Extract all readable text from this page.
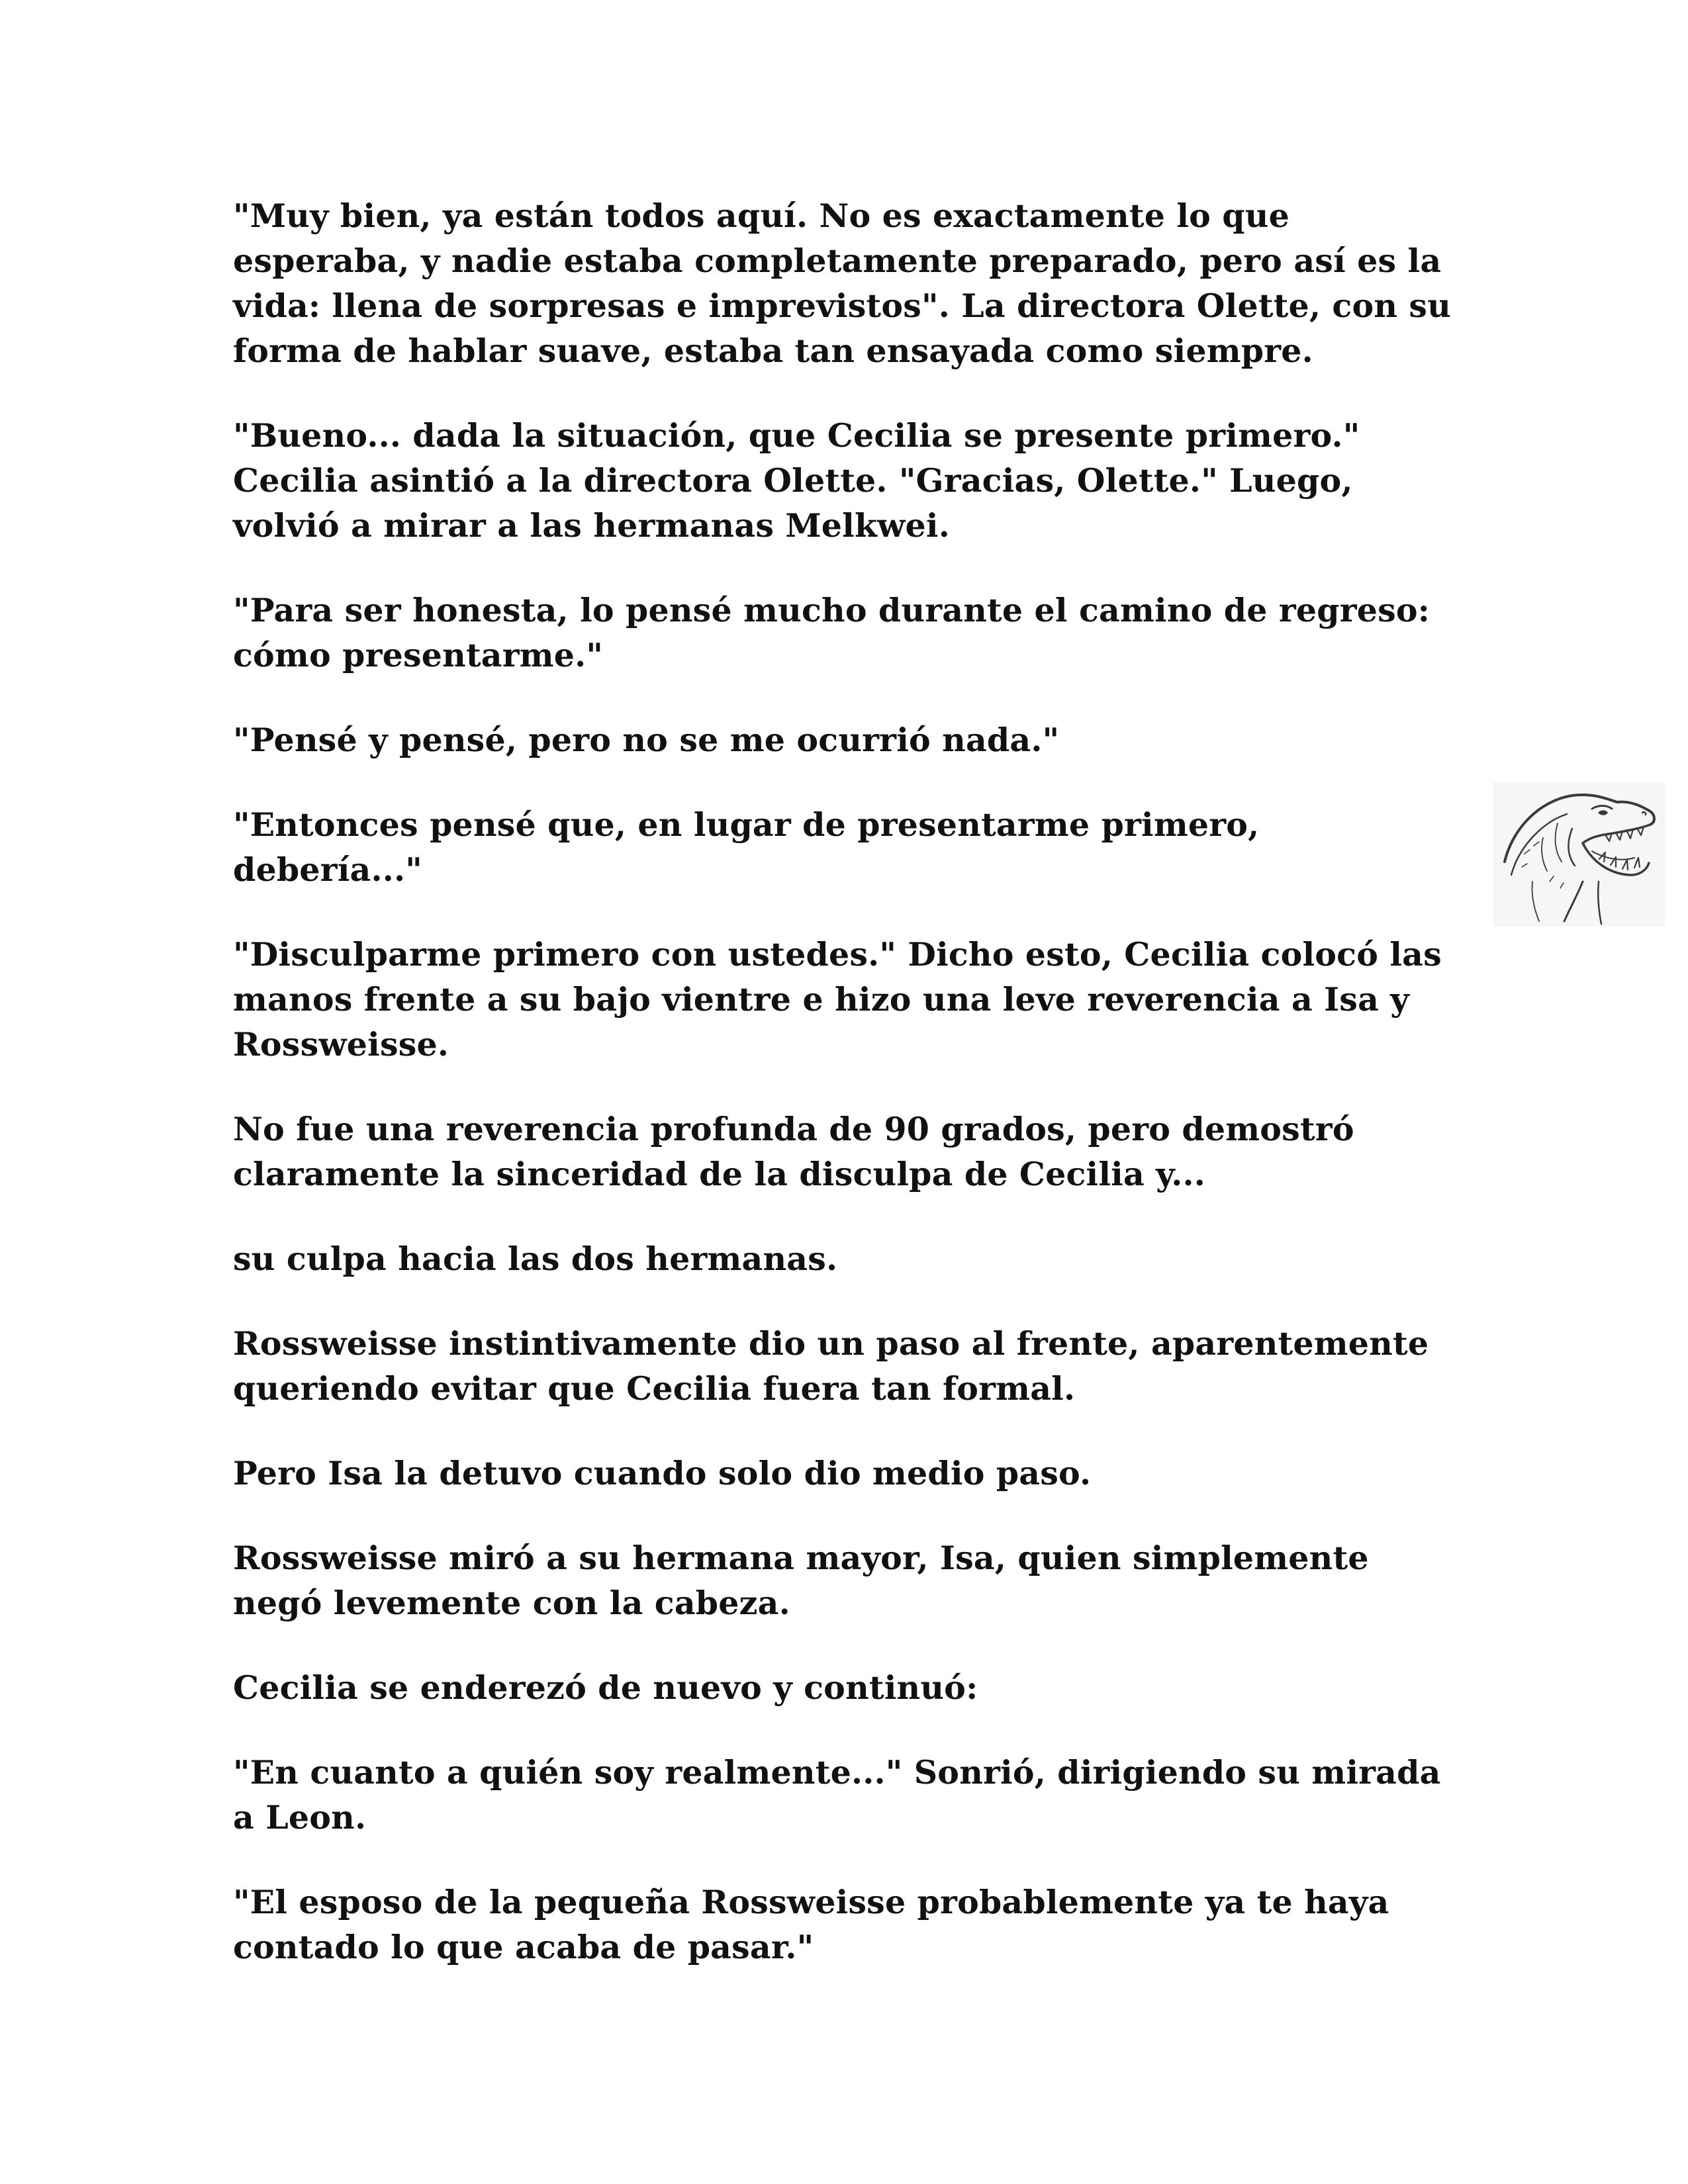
"Muy bien, ya están todos aquí. No es exactamente lo que esperaba, y nadie estaba completamente preparado, pero así es la vida: llena de sorpresas e imprevistos". La directora Olette, con su forma de hablar suave, estaba tan ensayada como siempre.

"Bueno... dada la situación, que Cecilia se presente primero." Cecilia asintió a la directora Olette. "Gracias, Olette." Luego, volvió a mirar a las hermanas Melkwei.

"Para ser honesta, lo pensé mucho durante el camino de regreso: cómo presentarme."

"Pensé y pensé, pero no se me ocurrió nada."

"Entonces pensé que, en lugar de presentarme primero, debería..."

"Disculparme primero con ustedes." Dicho esto, Cecilia colocó las manos frente a su bajo vientre e hizo una leve reverencia a Isa y Rossweisse.

No fue una reverencia profunda de 90 grados, pero demostró claramente la sinceridad de la disculpa de Cecilia y...

su culpa hacia las dos hermanas.

Rossweisse instintivamente dio un paso al frente, aparentemente queriendo evitar que Cecilia fuera tan formal.

Pero Isa la detuvo cuando solo dio medio paso.

Rossweisse miró a su hermana mayor, Isa, quien simplemente negó levemente con la cabeza.

Cecilia se enderezó de nuevo y continuó:

"En cuanto a quién soy realmente..." Sonrió, dirigiendo su mirada a Leon.

"El esposo de la pequeña Rossweisse probablemente ya te haya contado lo que acaba de pasar."
